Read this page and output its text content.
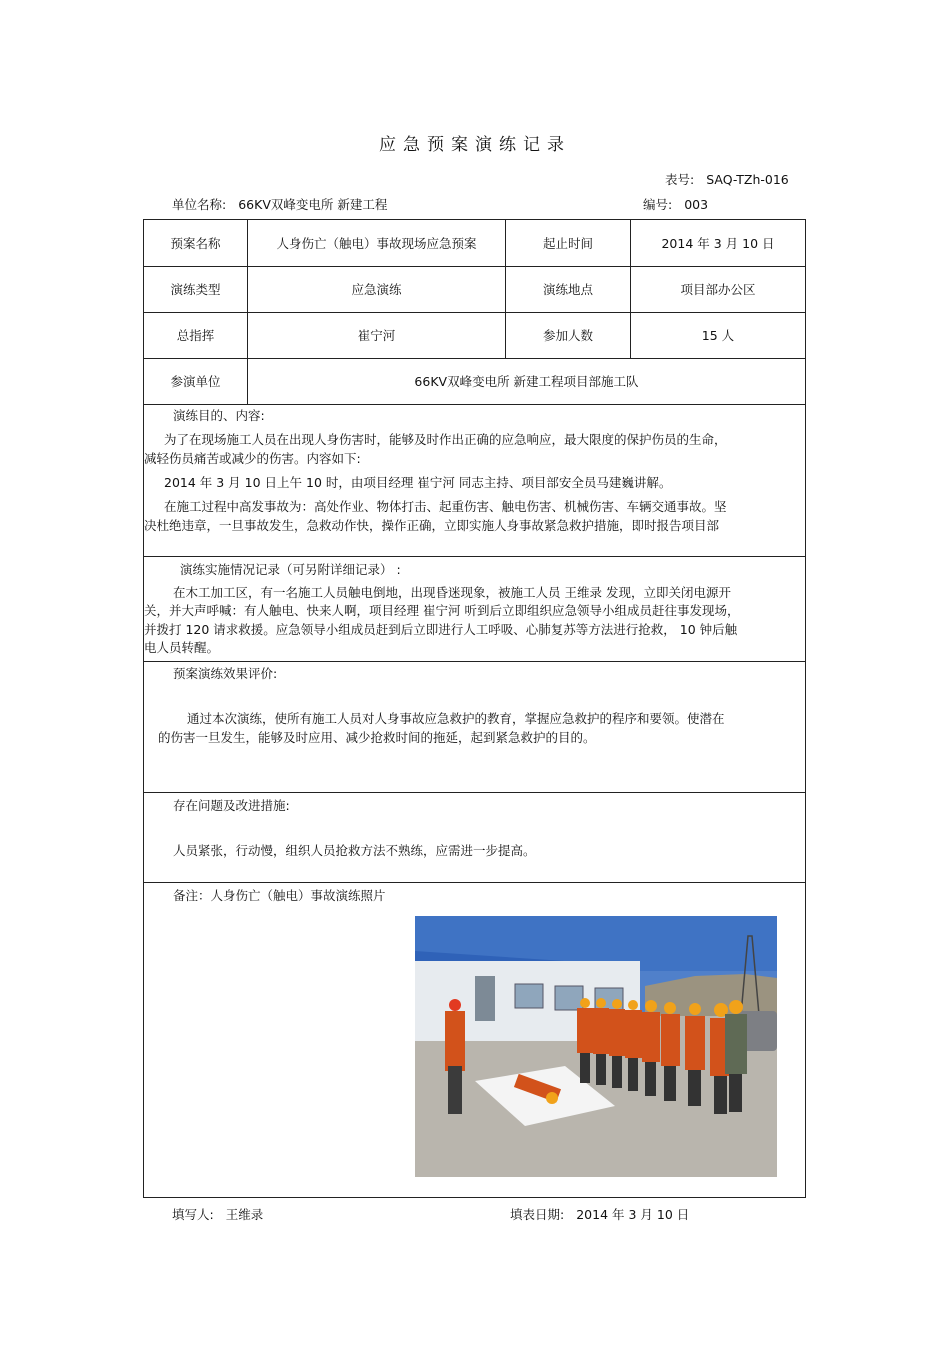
应急预案演练记录
表号: SAQ-TZh-016
单位名称: 66KV双峰变电所 新建工程	编号: 003
预案名称	人身伤亡（触电）事故现场应急预案	起止时间	2014 年 3 月 10 日
演练类型	应急演练	演练地点	项目部办公区
总指挥	崔宁河	参加人数	15 人
参演单位	66KV双峰变电所 新建工程项目部施工队
演练目的、内容:
为了在现场施工人员在出现人身伤害时，能够及时作出正确的应急响应，最大限度的保护伤员的生命，
减轻伤员痛苦或减少的伤害。内容如下:
2014 年 3 月 10 日上午 10 时，由项目经理 崔宁河 同志主持、项目部安全员马建巍讲解。
在施工过程中高发事故为：高处作业、物体打击、起重伤害、触电伤害、机械伤害、车辆交通事故。坚
决杜绝违章，一旦事故发生，急救动作快，操作正确，立即实施人身事故紧急救护措施，即时报告项目部
演练实施情况记录（可另附详细记录） :
在木工加工区，有一名施工人员触电倒地，出现昏迷现象，被施工人员 王维录 发现，立即关闭电源开
关，并大声呼喊：有人触电、快来人啊，项目经理 崔宁河 听到后立即组织应急领导小组成员赶往事发现场，
并拨打 120 请求救援。应急领导小组成员赶到后立即进行人工呼吸、心肺复苏等方法进行抢救， 10 钟后触
电人员转醒。
预案演练效果评价:
通过本次演练，使所有施工人员对人身事故应急救护的教育，掌握应急救护的程序和要领。使潜在
的伤害一旦发生，能够及时应用、减少抢救时间的拖延，起到紧急救护的目的。
存在问题及改进措施:
人员紧张，行动慢，组织人员抢救方法不熟练，应需进一步提高。
备注：人身伤亡（触电）事故演练照片
填写人: 王维录	填表日期: 2014 年 3 月 10 日
